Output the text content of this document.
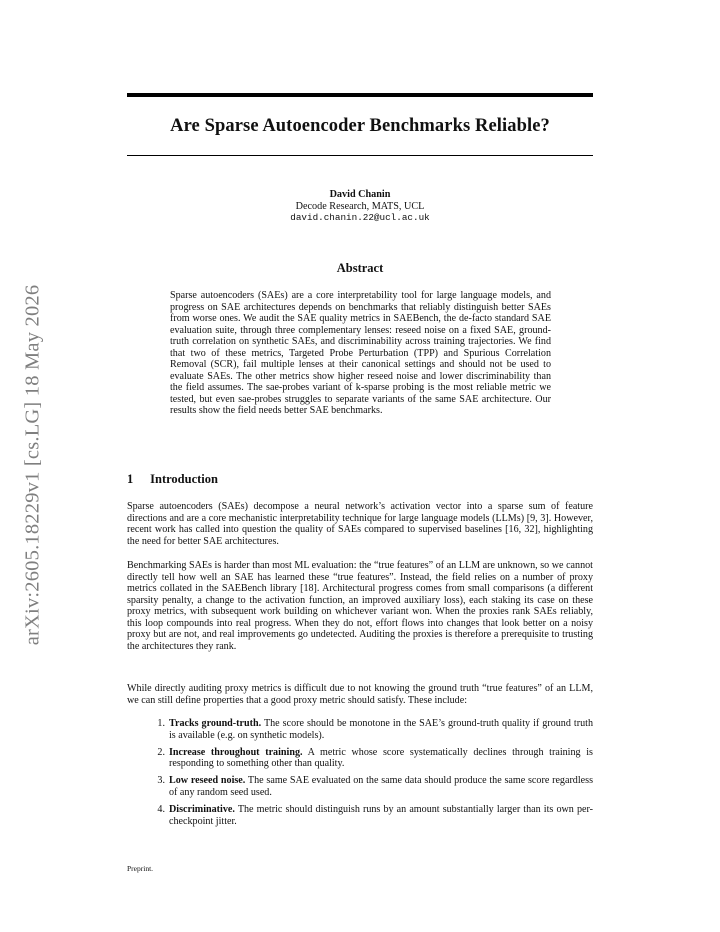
arXiv:2605.18229v1 [cs.LG] 18 May 2026
Are Sparse Autoencoder Benchmarks Reliable?
David Chanin
Decode Research, MATS, UCL
david.chanin.22@ucl.ac.uk
Abstract
Sparse autoencoders (SAEs) are a core interpretability tool for large language models, and progress on SAE architectures depends on benchmarks that reliably distinguish better SAEs from worse ones. We audit the SAE quality metrics in SAEBench, the de-facto standard SAE evaluation suite, through three complementary lenses: reseed noise on a fixed SAE, ground-truth correlation on synthetic SAEs, and discriminability across training trajectories. We find that two of these metrics, Targeted Probe Perturbation (TPP) and Spurious Correlation Removal (SCR), fail multiple lenses at their canonical settings and should not be used to evaluate SAEs. The other metrics show higher reseed noise and lower discriminability than the field assumes. The sae-probes variant of k-sparse probing is the most reliable metric we tested, but even sae-probes struggles to separate variants of the same SAE architecture. Our results show the field needs better SAE benchmarks.
1 Introduction
Sparse autoencoders (SAEs) decompose a neural network’s activation vector into a sparse sum of feature directions and are a core mechanistic interpretability technique for large language models (LLMs) [9, 3]. However, recent work has called into question the quality of SAEs compared to supervised baselines [16, 32], highlighting the need for better SAE architectures.
Benchmarking SAEs is harder than most ML evaluation: the “true features” of an LLM are unknown, so we cannot directly tell how well an SAE has learned these “true features”. Instead, the field relies on a number of proxy metrics collated in the SAEBench library [18]. Architectural progress comes from small comparisons (a different sparsity penalty, a change to the activation function, an improved auxiliary loss), each staking its case on these proxy metrics, with subsequent work building on whichever variant won. When the proxies rank SAEs reliably, this loop compounds into real progress. When they do not, effort flows into changes that look better on a noisy proxy but are not, and real improvements go undetected. Auditing the proxies is therefore a prerequisite to trusting the architectures they rank.
While directly auditing proxy metrics is difficult due to not knowing the ground truth “true features” of an LLM, we can still define properties that a good proxy metric should satisfy. These include:
1. Tracks ground-truth. The score should be monotone in the SAE’s ground-truth quality if ground truth is available (e.g. on synthetic models).
2. Increase throughout training. A metric whose score systematically declines through training is responding to something other than quality.
3. Low reseed noise. The same SAE evaluated on the same data should produce the same score regardless of any random seed used.
4. Discriminative. The metric should distinguish runs by an amount substantially larger than its own per-checkpoint jitter.
Preprint.
